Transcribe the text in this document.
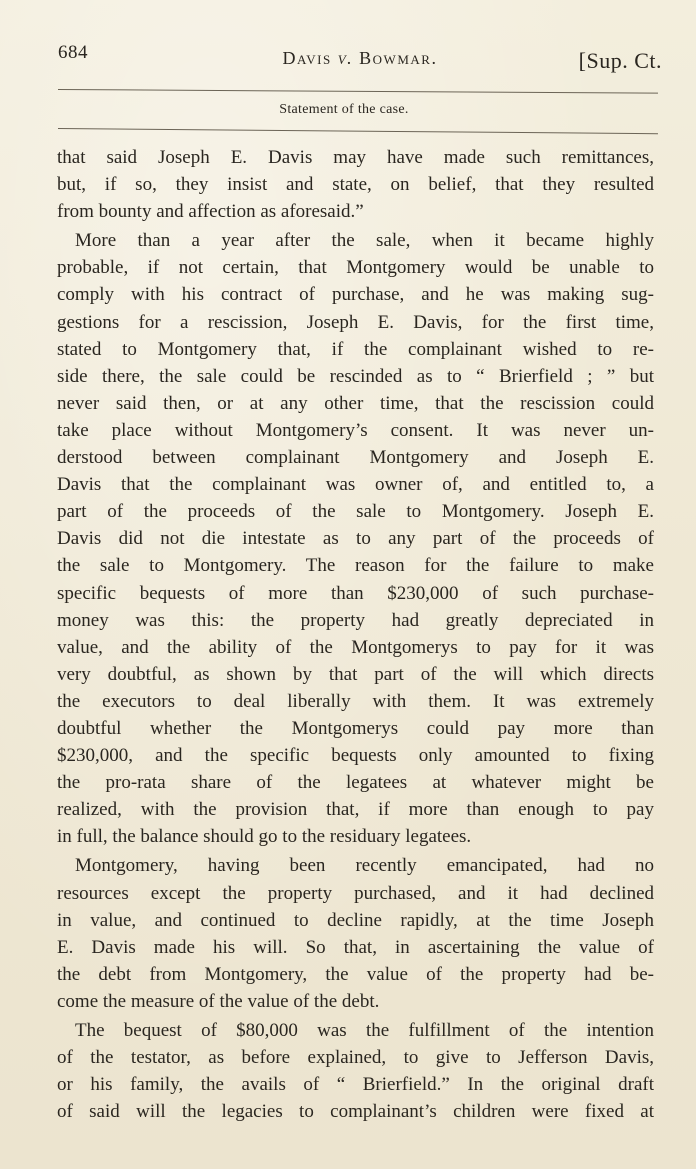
684	Davis v. Bowmar.	[Sup. Ct.
Statement of the case.
that said Joseph E. Davis may have made such remittances,
but, if so, they insist and state, on belief, that they resulted
from bounty and affection as aforesaid.”
More than a year after the sale, when it became highly
probable, if not certain, that Montgomery would be unable to
comply with his contract of purchase, and he was making sug-
gestions for a rescission, Joseph E. Davis, for the first time,
stated to Montgomery that, if the complainant wished to re-
side there, the sale could be rescinded as to “ Brierfield ; ” but
never said then, or at any other time, that the rescission could
take place without Montgomery’s consent. It was never un-
derstood between complainant Montgomery and Joseph E.
Davis that the complainant was owner of, and entitled to, a
part of the proceeds of the sale to Montgomery. Joseph E.
Davis did not die intestate as to any part of the proceeds of
the sale to Montgomery. The reason for the failure to make
specific bequests of more than $230,000 of such purchase-
money was this: the property had greatly depreciated in
value, and the ability of the Montgomerys to pay for it was
very doubtful, as shown by that part of the will which directs
the executors to deal liberally with them. It was extremely
doubtful whether the Montgomerys could pay more than
$230,000, and the specific bequests only amounted to fixing
the pro-rata share of the legatees at whatever might be
realized, with the provision that, if more than enough to pay
in full, the balance should go to the residuary legatees.
Montgomery, having been recently emancipated, had no
resources except the property purchased, and it had declined
in value, and continued to decline rapidly, at the time Joseph
E. Davis made his will. So that, in ascertaining the value of
the debt from Montgomery, the value of the property had be-
come the measure of the value of the debt.
The bequest of $80,000 was the fulfillment of the intention
of the testator, as before explained, to give to Jefferson Davis,
or his family, the avails of “ Brierfield.” In the original draft
of said will the legacies to complainant’s children were fixed at
